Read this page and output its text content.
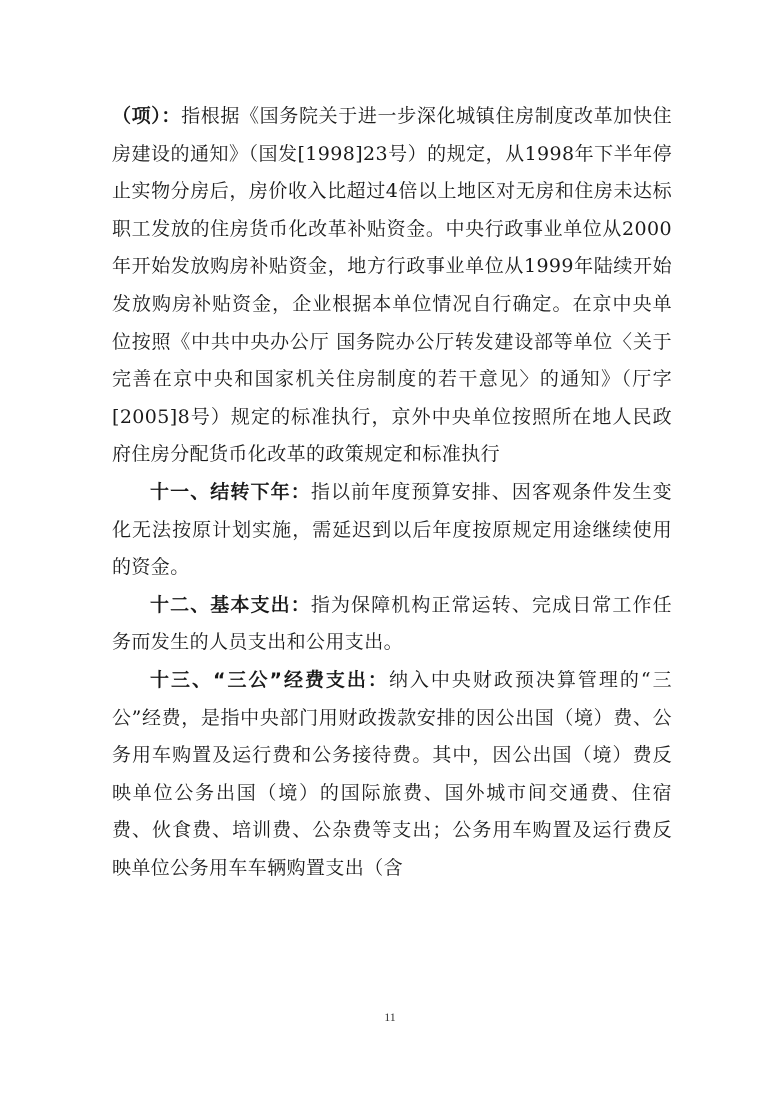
（项）：指根据《国务院关于进一步深化城镇住房制度改革加快住房建设的通知》（国发[1998]23号）的规定，从1998年下半年停止实物分房后，房价收入比超过4倍以上地区对无房和住房未达标职工发放的住房货币化改革补贴资金。中央行政事业单位从2000年开始发放购房补贴资金，地方行政事业单位从1999年陆续开始发放购房补贴资金，企业根据本单位情况自行确定。在京中央单位按照《中共中央办公厅 国务院办公厅转发建设部等单位〈关于完善在京中央和国家机关住房制度的若干意见〉的通知》（厅字[2005]8号）规定的标准执行，京外中央单位按照所在地人民政府住房分配货币化改革的政策规定和标准执行

十一、结转下年：指以前年度预算安排、因客观条件发生变化无法按原计划实施，需延迟到以后年度按原规定用途继续使用的资金。

十二、基本支出：指为保障机构正常运转、完成日常工作任务而发生的人员支出和公用支出。

十三、“三公”经费支出：纳入中央财政预决算管理的“三公”经费，是指中央部门用财政拨款安排的因公出国（境）费、公务用车购置及运行费和公务接待费。其中，因公出国（境）费反映单位公务出国（境）的国际旅费、国外城市间交通费、住宿费、伙食费、培训费、公杂费等支出；公务用车购置及运行费反映单位公务用车车辆购置支出（含

11
